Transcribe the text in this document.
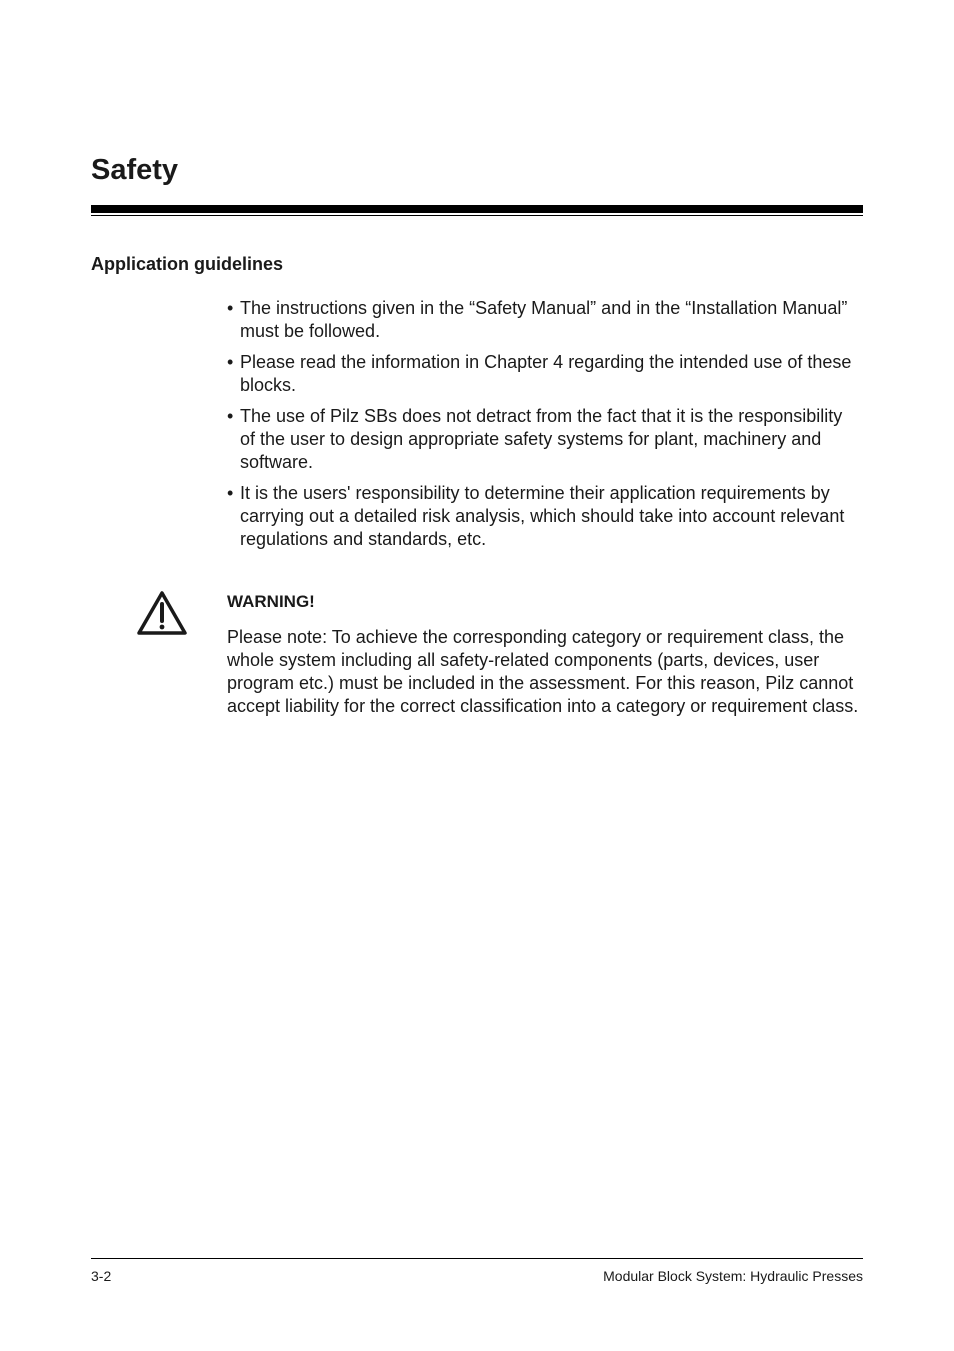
Safety
Application guidelines
• The instructions given in the “Safety Manual” and in the “Installation Manual” must be followed.
• Please read the information in Chapter 4 regarding the intended use of these blocks.
• The use of Pilz SBs does not detract from the fact that it is the responsibility of the user to design appropriate safety systems for plant, machinery and software.
• It is the users' responsibility to determine their application requirements by carrying out a detailed risk analysis, which should take into account relevant regulations and standards, etc.
WARNING!

Please note: To achieve the corresponding category or requirement class, the whole system including all safety-related components (parts, devices, user program etc.) must be included in the assessment. For this reason, Pilz cannot accept liability for the correct classification into a category or requirement class.

3-2	Modular Block System: Hydraulic Presses
